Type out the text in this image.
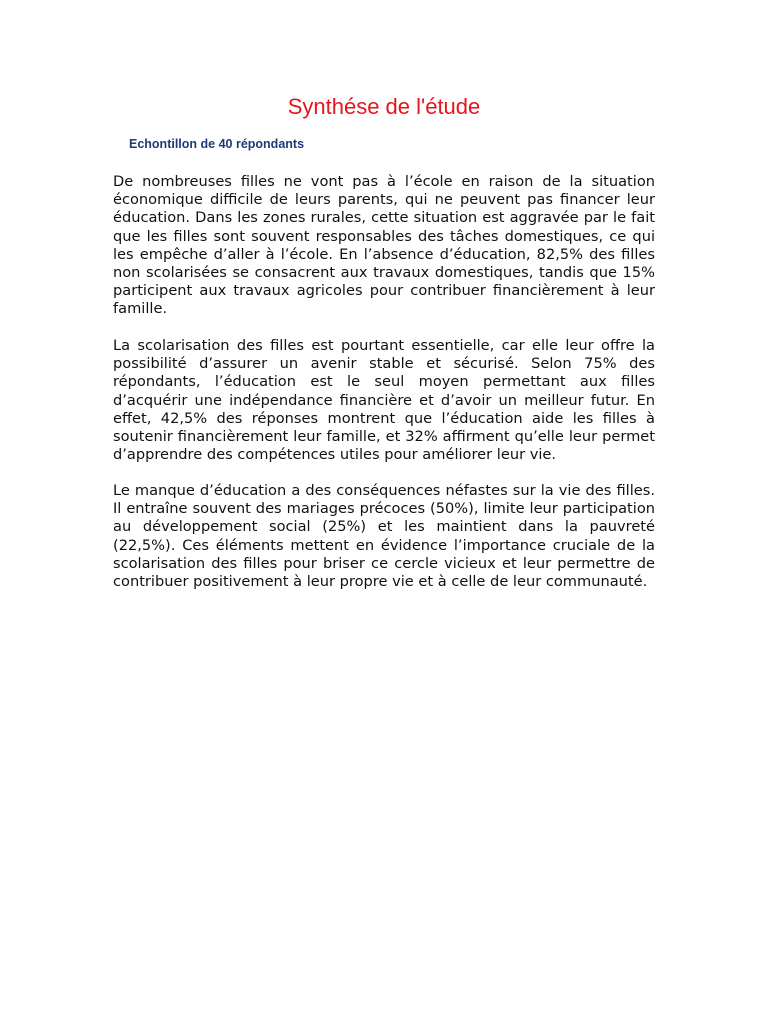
Synthése de l'étude

Echontillon de 40 répondants

De nombreuses filles ne vont pas à l’école en raison de la situation économique difficile de leurs parents, qui ne peuvent pas financer leur éducation. Dans les zones rurales, cette situation est aggravée par le fait que les filles sont souvent responsables des tâches domestiques, ce qui les empêche d’aller à l’école. En l’absence d’éducation, 82,5% des filles non scolarisées se consacrent aux travaux domestiques, tandis que 15% participent aux travaux agricoles pour contribuer financièrement à leur famille.

La scolarisation des filles est pourtant essentielle, car elle leur offre la possibilité d’assurer un avenir stable et sécurisé. Selon 75% des répondants, l’éducation est le seul moyen permettant aux filles d’acquérir une indépendance financière et d’avoir un meilleur futur. En effet, 42,5% des réponses montrent que l’éducation aide les filles à soutenir financièrement leur famille, et 32% affirment qu’elle leur permet d’apprendre des compétences utiles pour améliorer leur vie.

Le manque d’éducation a des conséquences néfastes sur la vie des filles. Il entraîne souvent des mariages précoces (50%), limite leur participation au développement social (25%) et les maintient dans la pauvreté (22,5%). Ces éléments mettent en évidence l’importance cruciale de la scolarisation des filles pour briser ce cercle vicieux et leur permettre de contribuer positivement à leur propre vie et à celle de leur communauté.
